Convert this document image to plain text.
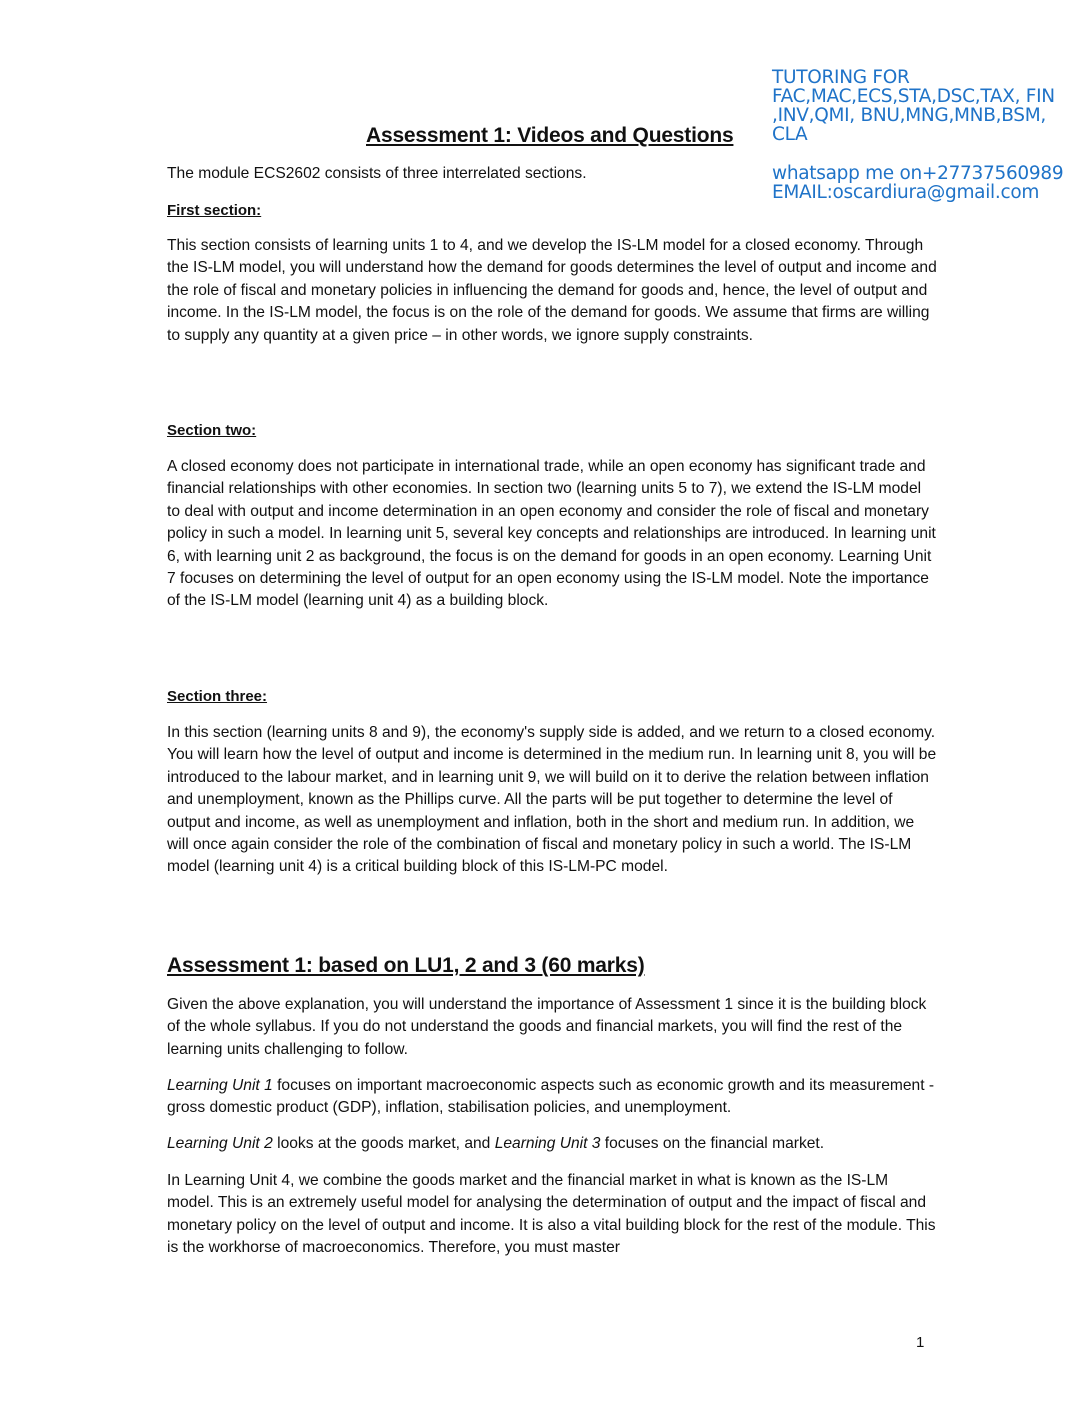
TUTORING FOR
FAC,MAC,ECS,STA,DSC,TAX, FIN
,INV,QMI, BNU,MNG,MNB,BSM,
CLA
whatsapp me on+27737560989
EMAIL:oscardiura@gmail.com
Assessment 1: Videos and Questions

The module ECS2602 consists of three interrelated sections.

First section:

This section consists of learning units 1 to 4, and we develop the IS-LM model for a closed economy. Through the IS-LM model, you will understand how the demand for goods determines the level of output and income and the role of fiscal and monetary policies in influencing the demand for goods and, hence, the level of output and income. In the IS-LM model, the focus is on the role of the demand for goods. We assume that firms are willing to supply any quantity at a given price – in other words, we ignore supply constraints.

Section two:

A closed economy does not participate in international trade, while an open economy has significant trade and financial relationships with other economies. In section two (learning units 5 to 7), we extend the IS-LM model to deal with output and income determination in an open economy and consider the role of fiscal and monetary policy in such a model. In learning unit 5, several key concepts and relationships are introduced. In learning unit 6, with learning unit 2 as background, the focus is on the demand for goods in an open economy. Learning Unit 7 focuses on determining the level of output for an open economy using the IS-LM model. Note the importance of the IS-LM model (learning unit 4) as a building block.

Section three:

In this section (learning units 8 and 9), the economy's supply side is added, and we return to a closed economy. You will learn how the level of output and income is determined in the medium run. In learning unit 8, you will be introduced to the labour market, and in learning unit 9, we will build on it to derive the relation between inflation and unemployment, known as the Phillips curve. All the parts will be put together to determine the level of output and income, as well as unemployment and inflation, both in the short and medium run. In addition, we will once again consider the role of the combination of fiscal and monetary policy in such a world. The IS-LM model (learning unit 4) is a critical building block of this IS-LM-PC model.

Assessment 1: based on LU1, 2 and 3 (60 marks)

Given the above explanation, you will understand the importance of Assessment 1 since it is the building block of the whole syllabus. If you do not understand the goods and financial markets, you will find the rest of the learning units challenging to follow.

Learning Unit 1 focuses on important macroeconomic aspects such as economic growth and its measurement - gross domestic product (GDP), inflation, stabilisation policies, and unemployment.

Learning Unit 2 looks at the goods market, and Learning Unit 3 focuses on the financial market.

In Learning Unit 4, we combine the goods market and the financial market in what is known as the IS-LM model. This is an extremely useful model for analysing the determination of output and the impact of fiscal and monetary policy on the level of output and income. It is also a vital building block for the rest of the module. This is the workhorse of macroeconomics. Therefore, you must master

1
